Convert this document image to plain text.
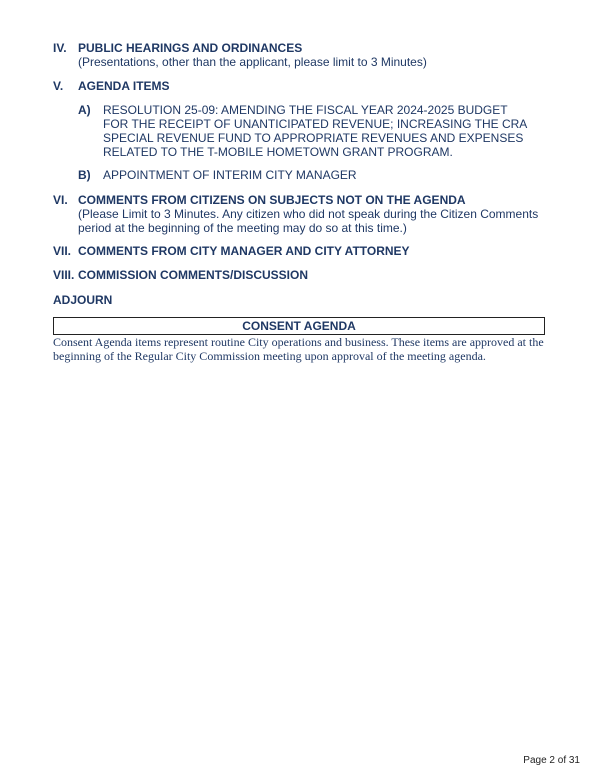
IV. PUBLIC HEARINGS AND ORDINANCES
(Presentations, other than the applicant, please limit to 3 Minutes)
V. AGENDA ITEMS
A) RESOLUTION 25-09: AMENDING THE FISCAL YEAR 2024-2025 BUDGET FOR THE RECEIPT OF UNANTICIPATED REVENUE; INCREASING THE CRA SPECIAL REVENUE FUND TO APPROPRIATE REVENUES AND EXPENSES RELATED TO THE T-MOBILE HOMETOWN GRANT PROGRAM.
B) APPOINTMENT OF INTERIM CITY MANAGER
VI. COMMENTS FROM CITIZENS ON SUBJECTS NOT ON THE AGENDA
(Please Limit to 3 Minutes. Any citizen who did not speak during the Citizen Comments period at the beginning of the meeting may do so at this time.)
VII. COMMENTS FROM CITY MANAGER AND CITY ATTORNEY
VIII. COMMISSION COMMENTS/DISCUSSION
ADJOURN
CONSENT AGENDA
Consent Agenda items represent routine City operations and business. These items are approved at the beginning of the Regular City Commission meeting upon approval of the meeting agenda.
Page 2 of 31
